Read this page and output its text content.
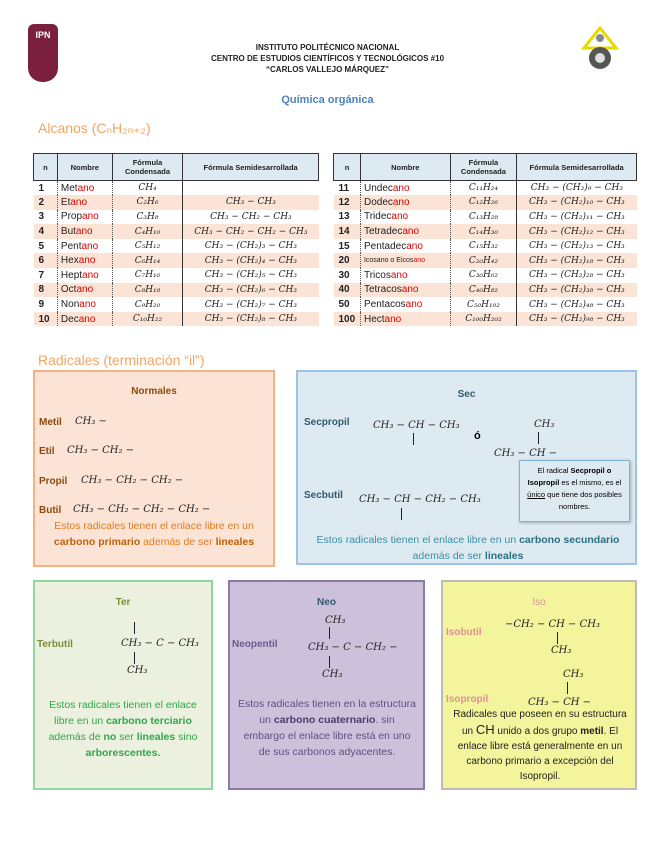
IPN
INSTITUTO POLITÉCNICO NACIONAL
CENTRO DE ESTUDIOS CIENTÍFICOS Y TECNOLÓGICOS #10
“CARLOS VALLEJO MÁRQUEZ”
Química orgánica
Alcanos (CₙH₂ₙ₊₂)
n	Nombre	Fórmula Condensada	Fórmula Semidesarrollada
1	Metano	CH₄	
2	Etano	C₂H₆	CH₃ − CH₃
3	Propano	C₃H₈	CH₃ − CH₂ − CH₃
4	Butano	C₄H₁₀	CH₃ − CH₂ − CH₂ − CH₃
5	Pentano	C₅H₁₂	CH₃ − (CH₂)₃ − CH₃
6	Hexano	C₆H₁₄	CH₃ − (CH₂)₄ − CH₃
7	Heptano	C₇H₁₆	CH₃ − (CH₂)₅ − CH₃
8	Octano	C₈H₁₈	CH₃ − (CH₂)₆ − CH₃
9	Nonano	C₉H₂₀	CH₃ − (CH₂)₇ − CH₃
10	Decano	C₁₀H₂₂	CH₃ − (CH₂)₈ − CH₃
n	Nombre	Fórmula Condensada	Fórmula Semidesarrollada
11	Undecano	C₁₁H₂₄	CH₃ − (CH₂)₉ − CH₃
12	Dodecano	C₁₂H₂₆	CH₃ − (CH₂)₁₀ − CH₃
13	Tridecano	C₁₃H₂₈	CH₃ − (CH₂)₁₁ − CH₃
14	Tetradecano	C₁₄H₃₀	CH₃ − (CH₂)₁₂ − CH₃
15	Pentadecano	C₁₅H₃₂	CH₃ − (CH₂)₁₃ − CH₃
20	Icosano o Eicosano	C₂₀H₄₂	CH₃ − (CH₂)₁₈ − CH₃
30	Tricosano	C₃₀H₆₂	CH₃ − (CH₂)₂₈ − CH₃
40	Tetracosano	C₄₀H₈₂	CH₃ − (CH₂)₃₈ − CH₃
50	Pentacosano	C₅₀H₁₀₂	CH₃ − (CH₂)₄₈ − CH₃
100	Hectano	C₁₀₀H₂₀₂	CH₃ − (CH₂)₉₈ − CH₃
Radicales (terminación “il”)
Normales
Metil CH₃ −
Etil CH₃ − CH₂ −
Propil CH₃ − CH₂ − CH₂ −
Butil CH₃ − CH₂ − CH₂ − CH₂ −
Estos radicales tienen el enlace libre en un carbono primario además de ser lineales
Sec
Secpropil CH₃ − CH − CH₃
ó
CH₃
CH₃ − CH −
Secbutil CH₃ − CH − CH₂ − CH₃
El radical Secpropil o Isopropil es el mismo, es el único que tiene dos posibles nombres.
Estos radicales tienen el enlace libre en un carbono secundario además de ser lineales
Ter
Terbutil	CH₃ − C − CH₃
CH₃
Estos radicales tienen el enlace libre en un carbono terciario además de no ser lineales sino arborescentes.
Neo
CH₃
Neopentil	CH₃ − C − CH₂ −
CH₃
Estos radicales tienen en la estructura un carbono cuaternario. sin embargo el enlace libre está en uno de sus carbonos adyacentes.
Iso
Isobutil
−CH₂ − CH − CH₃
CH₃
CH₃
Isopropil	CH₃ − CH −
Radicales que poseen en su estructura un CH unido a dos grupo metil. El enlace libre está generalmente en un carbono primario a excepción del Isopropil.
